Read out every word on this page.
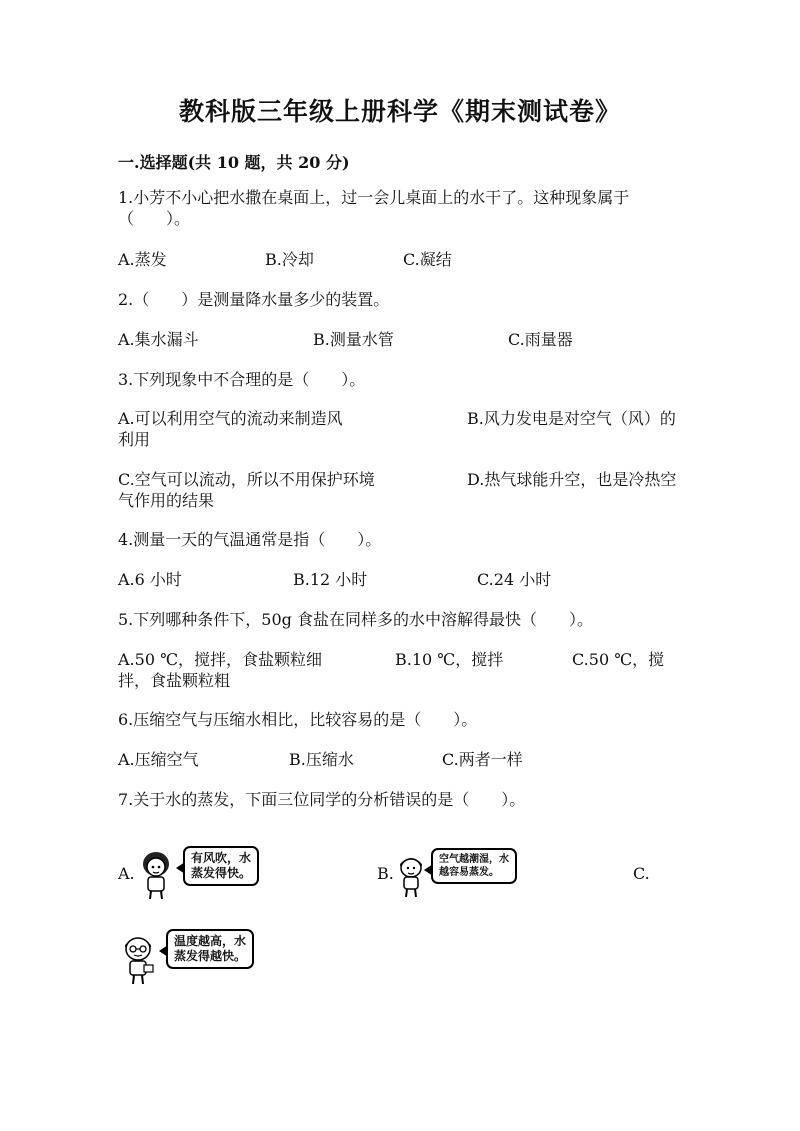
教科版三年级上册科学《期末测试卷》
一.选择题(共 10 题，共 20 分)
1.小芳不小心把水撒在桌面上，过一会儿桌面上的水干了。这种现象属于（　　）。
A.蒸发	B.冷却	C.凝结
2.（　　）是测量降水量多少的装置。
A.集水漏斗	B.测量水管	C.雨量器
3.下列现象中不合理的是（　　）。
A.可以利用空气的流动来制造风	B.风力发电是对空气（风）的
利用
C.空气可以流动，所以不用保护环境	D.热气球能升空，也是冷热空
气作用的结果
4.测量一天的气温通常是指（　　）。
A.6 小时	B.12 小时	C.24 小时
5.下列哪种条件下，50g 食盐在同样多的水中溶解得最快（　　）。
A.50 ℃，搅拌，食盐颗粒细	B.10 ℃，搅拌	C.50 ℃，搅
拌，食盐颗粒粗
6.压缩空气与压缩水相比，比较容易的是（　　）。
A.压缩空气	B.压缩水	C.两者一样
7.关于水的蒸发，下面三位同学的分析错误的是（　　）。
A.
有风吹，水
蒸发得快。	B.
空气越潮湿，水
越容易蒸发。	C.
温度越高，水
蒸发得越快。
